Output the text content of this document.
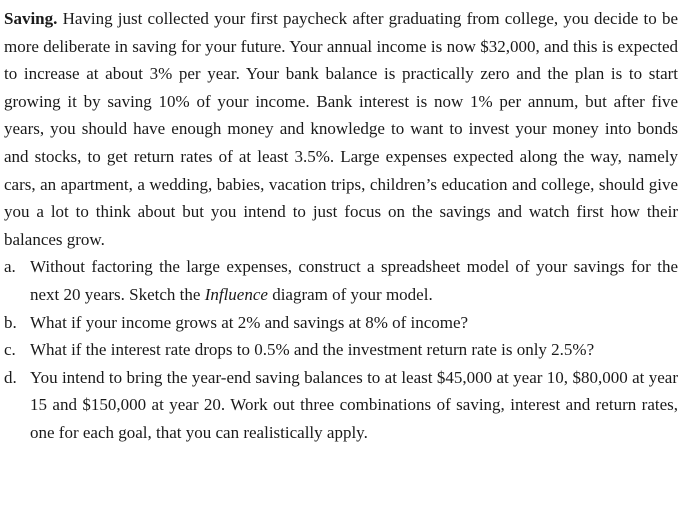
Saving. Having just collected your first paycheck after graduating from college, you decide to be more deliberate in saving for your future. Your annual income is now $32,000, and this is expected to increase at about 3% per year. Your bank balance is practically zero and the plan is to start growing it by saving 10% of your income. Bank interest is now 1% per annum, but after five years, you should have enough money and knowledge to want to invest your money into bonds and stocks, to get return rates of at least 3.5%. Large expenses expected along the way, namely cars, an apartment, a wedding, babies, vacation trips, children’s education and college, should give you a lot to think about but you intend to just focus on the savings and watch first how their balances grow.

a. Without factoring the large expenses, construct a spreadsheet model of your savings for the next 20 years. Sketch the Influence diagram of your model.
b. What if your income grows at 2% and savings at 8% of income?
c. What if the interest rate drops to 0.5% and the investment return rate is only 2.5%?
d. You intend to bring the year-end saving balances to at least $45,000 at year 10, $80,000 at year 15 and $150,000 at year 20. Work out three combinations of saving, interest and return rates, one for each goal, that you can realistically apply.
